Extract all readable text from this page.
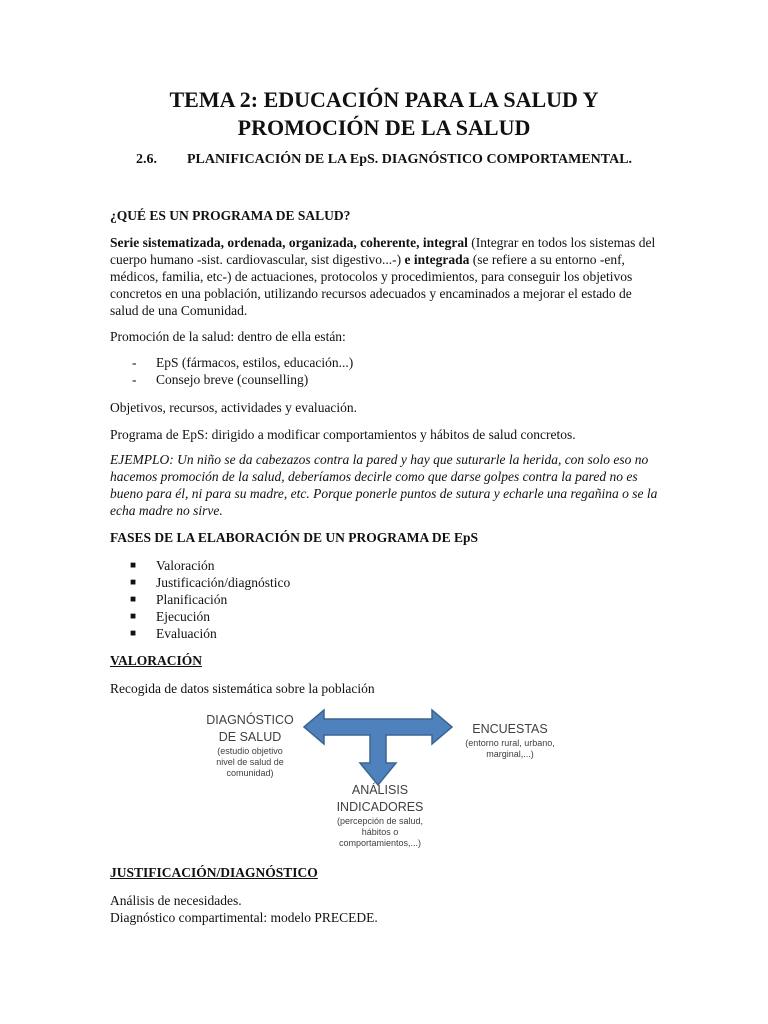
TEMA 2: EDUCACIÓN PARA LA SALUD Y
PROMOCIÓN DE LA SALUD
2.6. PLANIFICACIÓN DE LA EpS. DIAGNÓSTICO COMPORTAMENTAL.
¿QUÉ ES UN PROGRAMA DE SALUD?
Serie sistematizada, ordenada, organizada, coherente, integral (Integrar en todos los sistemas del cuerpo humano -sist. cardiovascular, sist digestivo...-) e integrada (se refiere a su entorno -enf, médicos, familia, etc-) de actuaciones, protocolos y procedimientos, para conseguir los objetivos concretos en una población, utilizando recursos adecuados y encaminados a mejorar el estado de salud de una Comunidad.
Promoción de la salud: dentro de ella están:
- EpS (fármacos, estilos, educación...)
- Consejo breve (counselling)
Objetivos, recursos, actividades y evaluación.
Programa de EpS: dirigido a modificar comportamientos y hábitos de salud concretos.
EJEMPLO: Un niño se da cabezazos contra la pared y hay que suturarle la herida, con solo eso no hacemos promoción de la salud, deberíamos decirle como que darse golpes contra la pared no es bueno para él, ni para su madre, etc. Porque ponerle puntos de sutura y echarle una regañina o se la echa madre no sirve.
FASES DE LA ELABORACIÓN DE UN PROGRAMA DE EpS
■ Valoración
■ Justificación/diagnóstico
■ Planificación
■ Ejecución
■ Evaluación
VALORACIÓN
Recogida de datos sistemática sobre la población
DIAGNÓSTICO
DE SALUD
(estudio objetivo
nivel de salud de
comunidad)
ENCUESTAS
(entorno rural, urbano,
marginal,...)
ANÁLISIS
INDICADORES
(percepción de salud,
hábitos o
comportamientos,...)
JUSTIFICACIÓN/DIAGNÓSTICO
Análisis de necesidades.
Diagnóstico compartimental: modelo PRECEDE.
